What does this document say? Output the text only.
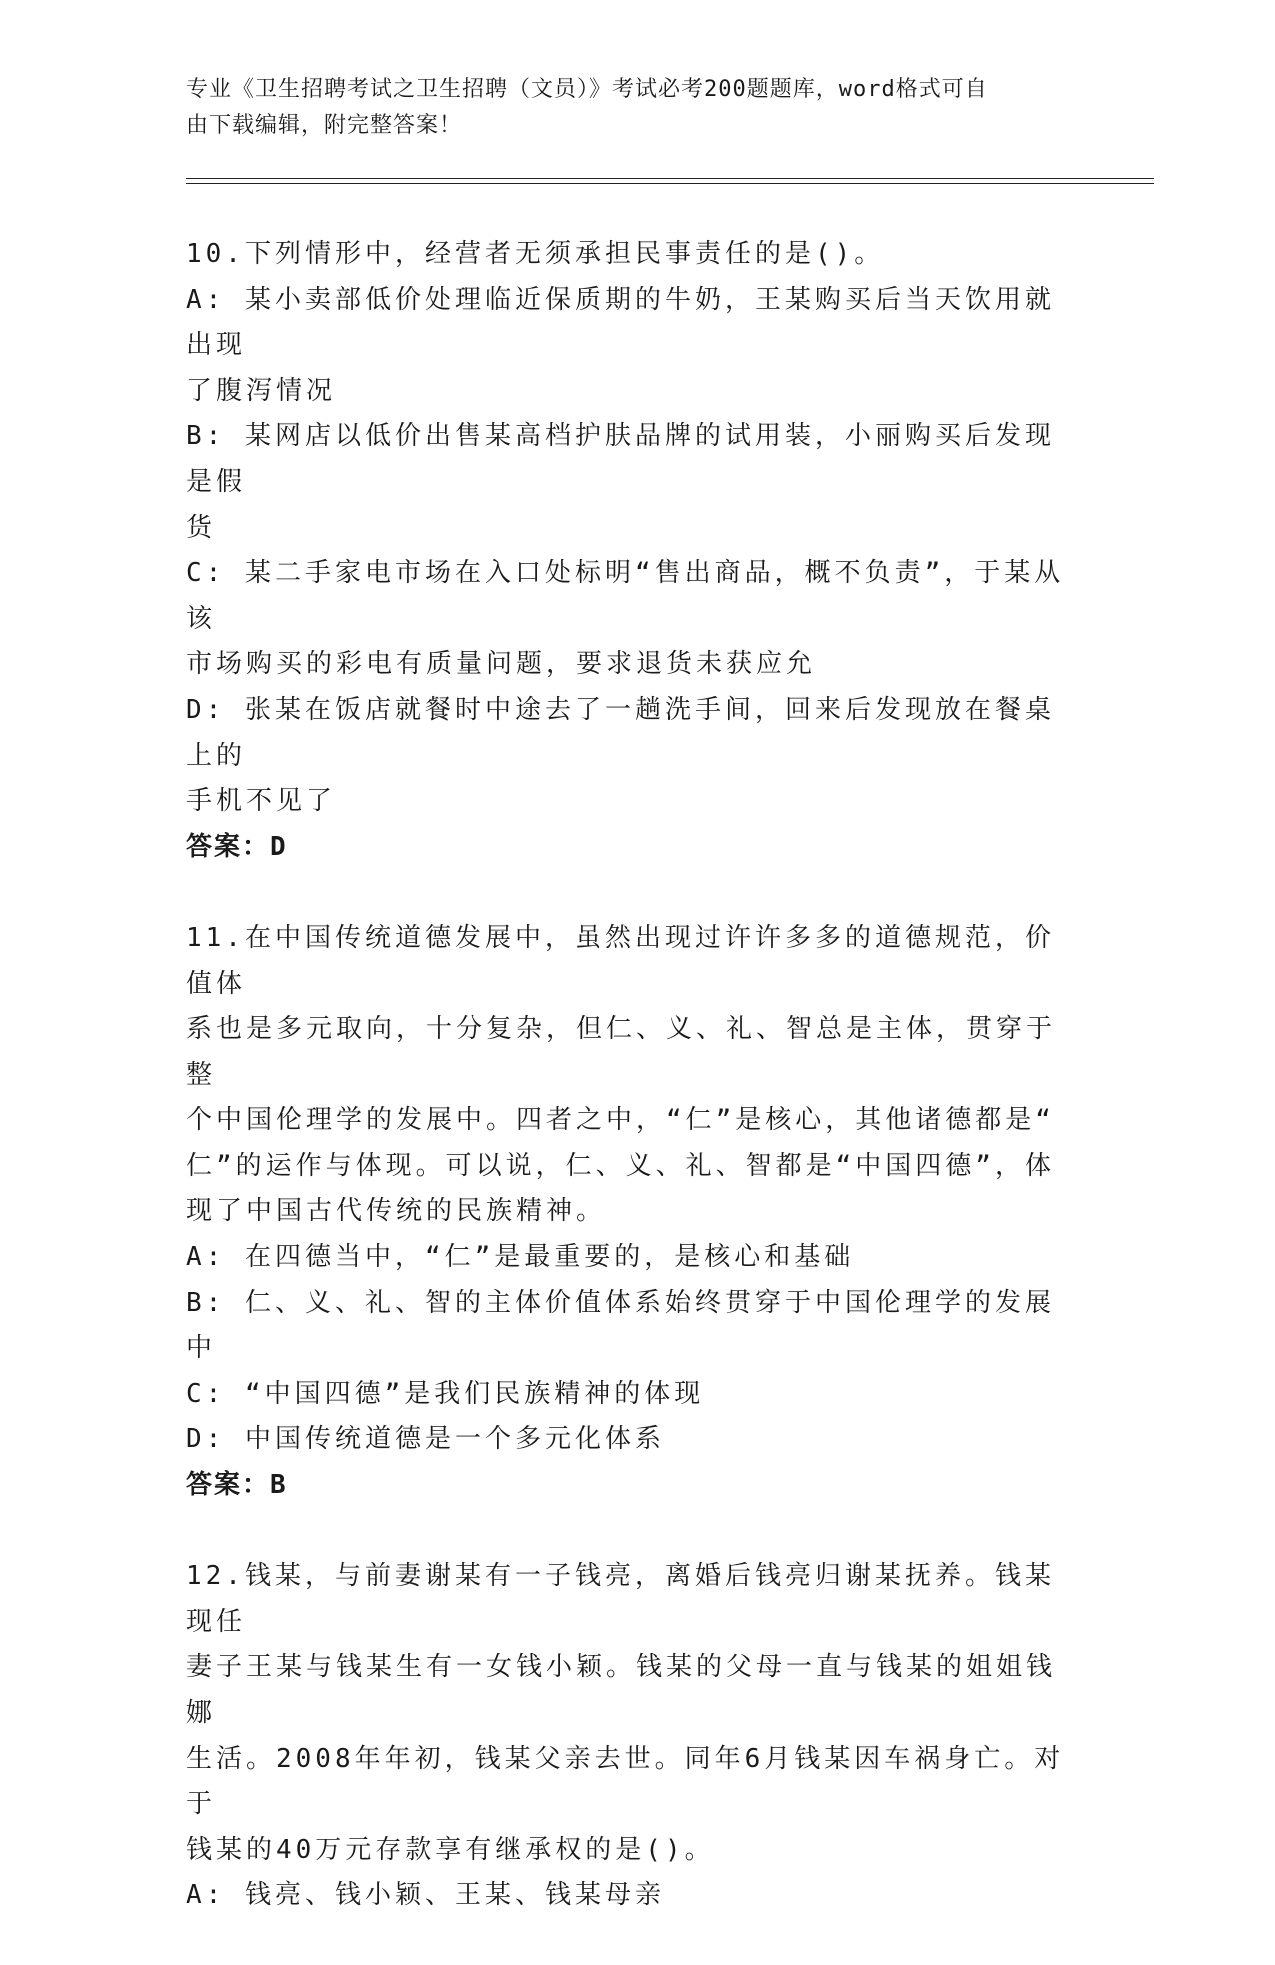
专业《卫生招聘考试之卫生招聘（文员）》考试必考200题题库，word格式可自
由下载编辑，附完整答案！
10.下列情形中，经营者无须承担民事责任的是()。
A: 某小卖部低价处理临近保质期的牛奶，王某购买后当天饮用就出现
了腹泻情况
B: 某网店以低价出售某高档护肤品牌的试用装，小丽购买后发现是假
货
C: 某二手家电市场在入口处标明“售出商品，概不负责”，于某从该
市场购买的彩电有质量问题，要求退货未获应允
D: 张某在饭店就餐时中途去了一趟洗手间，回来后发现放在餐桌上的
手机不见了
答案：D
11.在中国传统道德发展中，虽然出现过许许多多的道德规范，价值体
系也是多元取向，十分复杂，但仁、义、礼、智总是主体，贯穿于整
个中国伦理学的发展中。四者之中，“仁”是核心，其他诸德都是“
仁”的运作与体现。可以说，仁、义、礼、智都是“中国四德”，体
现了中国古代传统的民族精神。
A: 在四德当中，“仁”是最重要的，是核心和基础
B: 仁、义、礼、智的主体价值体系始终贯穿于中国伦理学的发展中
C: “中国四德”是我们民族精神的体现
D: 中国传统道德是一个多元化体系
答案：B
12.钱某，与前妻谢某有一子钱亮，离婚后钱亮归谢某抚养。钱某现任
妻子王某与钱某生有一女钱小颖。钱某的父母一直与钱某的姐姐钱娜
生活。2008年年初，钱某父亲去世。同年6月钱某因车祸身亡。对于
钱某的40万元存款享有继承权的是()。
A: 钱亮、钱小颖、王某、钱某母亲
